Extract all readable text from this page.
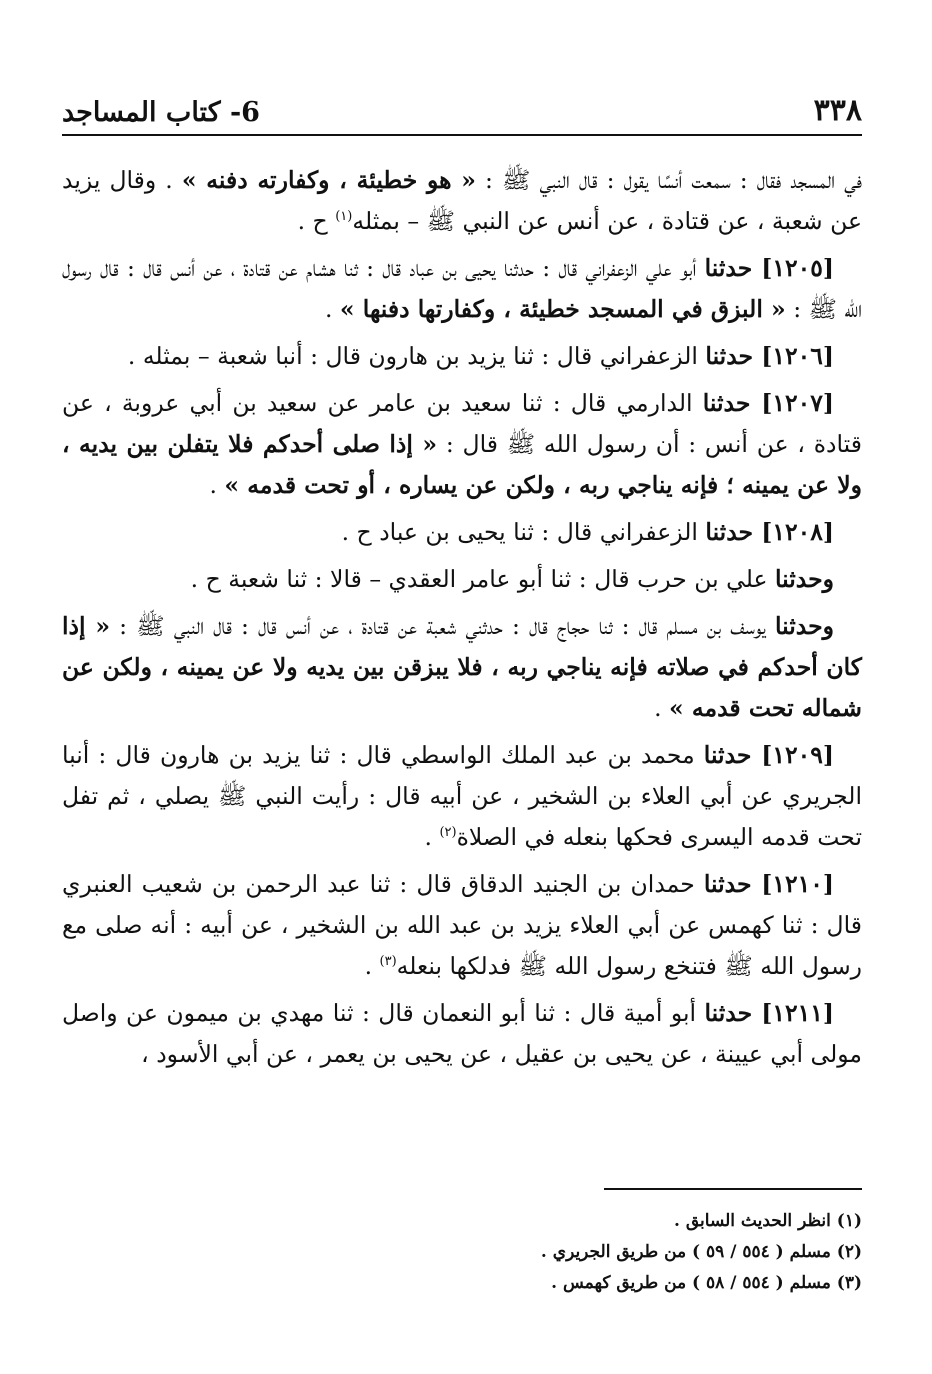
٣٣٨
6- كتاب المساجد

في المسجد فقال : سمعت أنسًا يقول : قال النبي ﷺ : « هو خطيئة ، وكفارته دفنه » . وقال يزيد عن شعبة ، عن قتادة ، عن أنس عن النبي ﷺ – بمثله$^{(١)}$ ح .

[١٢٠٥] حدثنا أبو علي الزعفراني قال : حدثنا يحيى بن عباد قال : ثنا هشام عن قتادة ، عن أنس قال : قال رسول الله ﷺ : « البزق في المسجد خطيئة ، وكفارتها دفنها » .

[١٢٠٦] حدثنا الزعفراني قال : ثنا يزيد بن هارون قال : أنبا شعبة – بمثله .

[١٢٠٧] حدثنا الدارمي قال : ثنا سعيد بن عامر عن سعيد بن أبي عروبة ، عن قتادة ، عن أنس : أن رسول الله ﷺ قال : « إذا صلى أحدكم فلا يتفلن بين يديه ، ولا عن يمينه ؛ فإنه يناجي ربه ، ولكن عن يساره ، أو تحت قدمه » .

[١٢٠٨] حدثنا الزعفراني قال : ثنا يحيى بن عباد ح .

وحدثنا علي بن حرب قال : ثنا أبو عامر العقدي – قالا : ثنا شعبة ح .

وحدثنا يوسف بن مسلم قال : ثنا حجاج قال : حدثني شعبة عن قتادة ، عن أنس قال : قال النبي ﷺ : « إذا كان أحدكم في صلاته فإنه يناجي ربه ، فلا يبزقن بين يديه ولا عن يمينه ، ولكن عن شماله تحت قدمه » .

[١٢٠٩] حدثنا محمد بن عبد الملك الواسطي قال : ثنا يزيد بن هارون قال : أنبا الجريري عن أبي العلاء بن الشخير ، عن أبيه قال : رأيت النبي ﷺ يصلي ، ثم تفل تحت قدمه اليسرى فحكها بنعله في الصلاة$^{(٢)}$ .

[١٢١٠] حدثنا حمدان بن الجنيد الدقاق قال : ثنا عبد الرحمن بن شعيب العنبري قال : ثنا كهمس عن أبي العلاء يزيد بن عبد الله بن الشخير ، عن أبيه : أنه صلى مع رسول الله ﷺ فتنخع رسول الله ﷺ فدلكها بنعله$^{(٣)}$ .

[١٢١١] حدثنا أبو أمية قال : ثنا أبو النعمان قال : ثنا مهدي بن ميمون عن واصل مولى أبي عيينة ، عن يحيى بن عقيل ، عن يحيى بن يعمر ، عن أبي الأسود ،

(١) انظر الحديث السابق .

(٢) مسلم ( ٥٥٤ / ٥٩ ) من طريق الجريري .

(٣) مسلم ( ٥٥٤ / ٥٨ ) من طريق كهمس .
